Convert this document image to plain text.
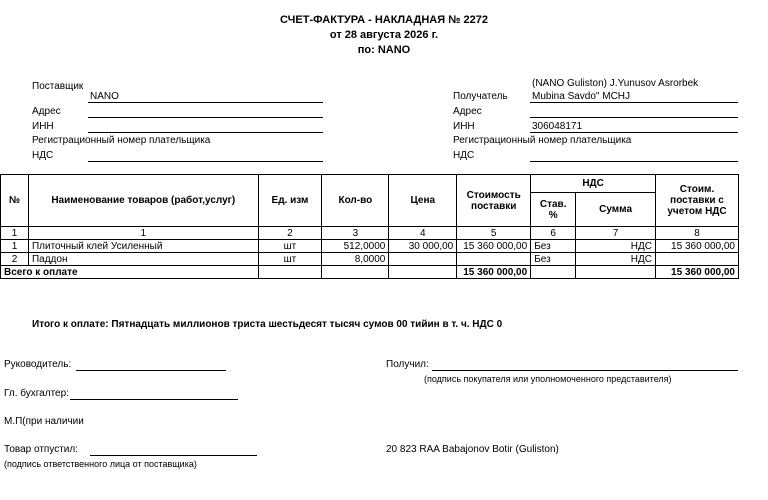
СЧЕТ-ФАКТУРА - НАКЛАДНАЯ № 2272
от 28 августа 2026 г.
по: NANO
Поставщик
NANO
Адрес
ИНН
Регистрационный номер плательщика
НДС
(NANO Guliston) J.Yunusov Asrorbek
Получатель Mubina Savdo" MCHJ
Адрес
ИНН	306048171
Регистрационный номер плательщика
НДС
№	Наименование товаров (работ,услуг)	Ед. изм	Кол-во	Цена	Стоимость поставки	НДС		Стоим. поставки с учетом НДС
						Став. %	Сумма	
1	1	2	3	4	5	6	7	8
1	Плиточный клей Усиленный	шт	512,0000	30 000,00	15 360 000,00	Без	НДС	15 360 000,00
2	Паддон	шт	8,0000			Без	НДС	
Всего к оплате					15 360 000,00			15 360 000,00
Итого к оплате: Пятнадцать миллионов триста шестьдесят тысяч сумов 00 тийин в т. ч. НДС 0
Руководитель:	Получил:
(подпись покупателя или уполномоченного представителя)
Гл. бухгалтер:
М.П(при наличии
Товар отпустил:
(подпись ответственного лица от поставщика)
20 823 RAA Babajonov Botir (Guliston)
